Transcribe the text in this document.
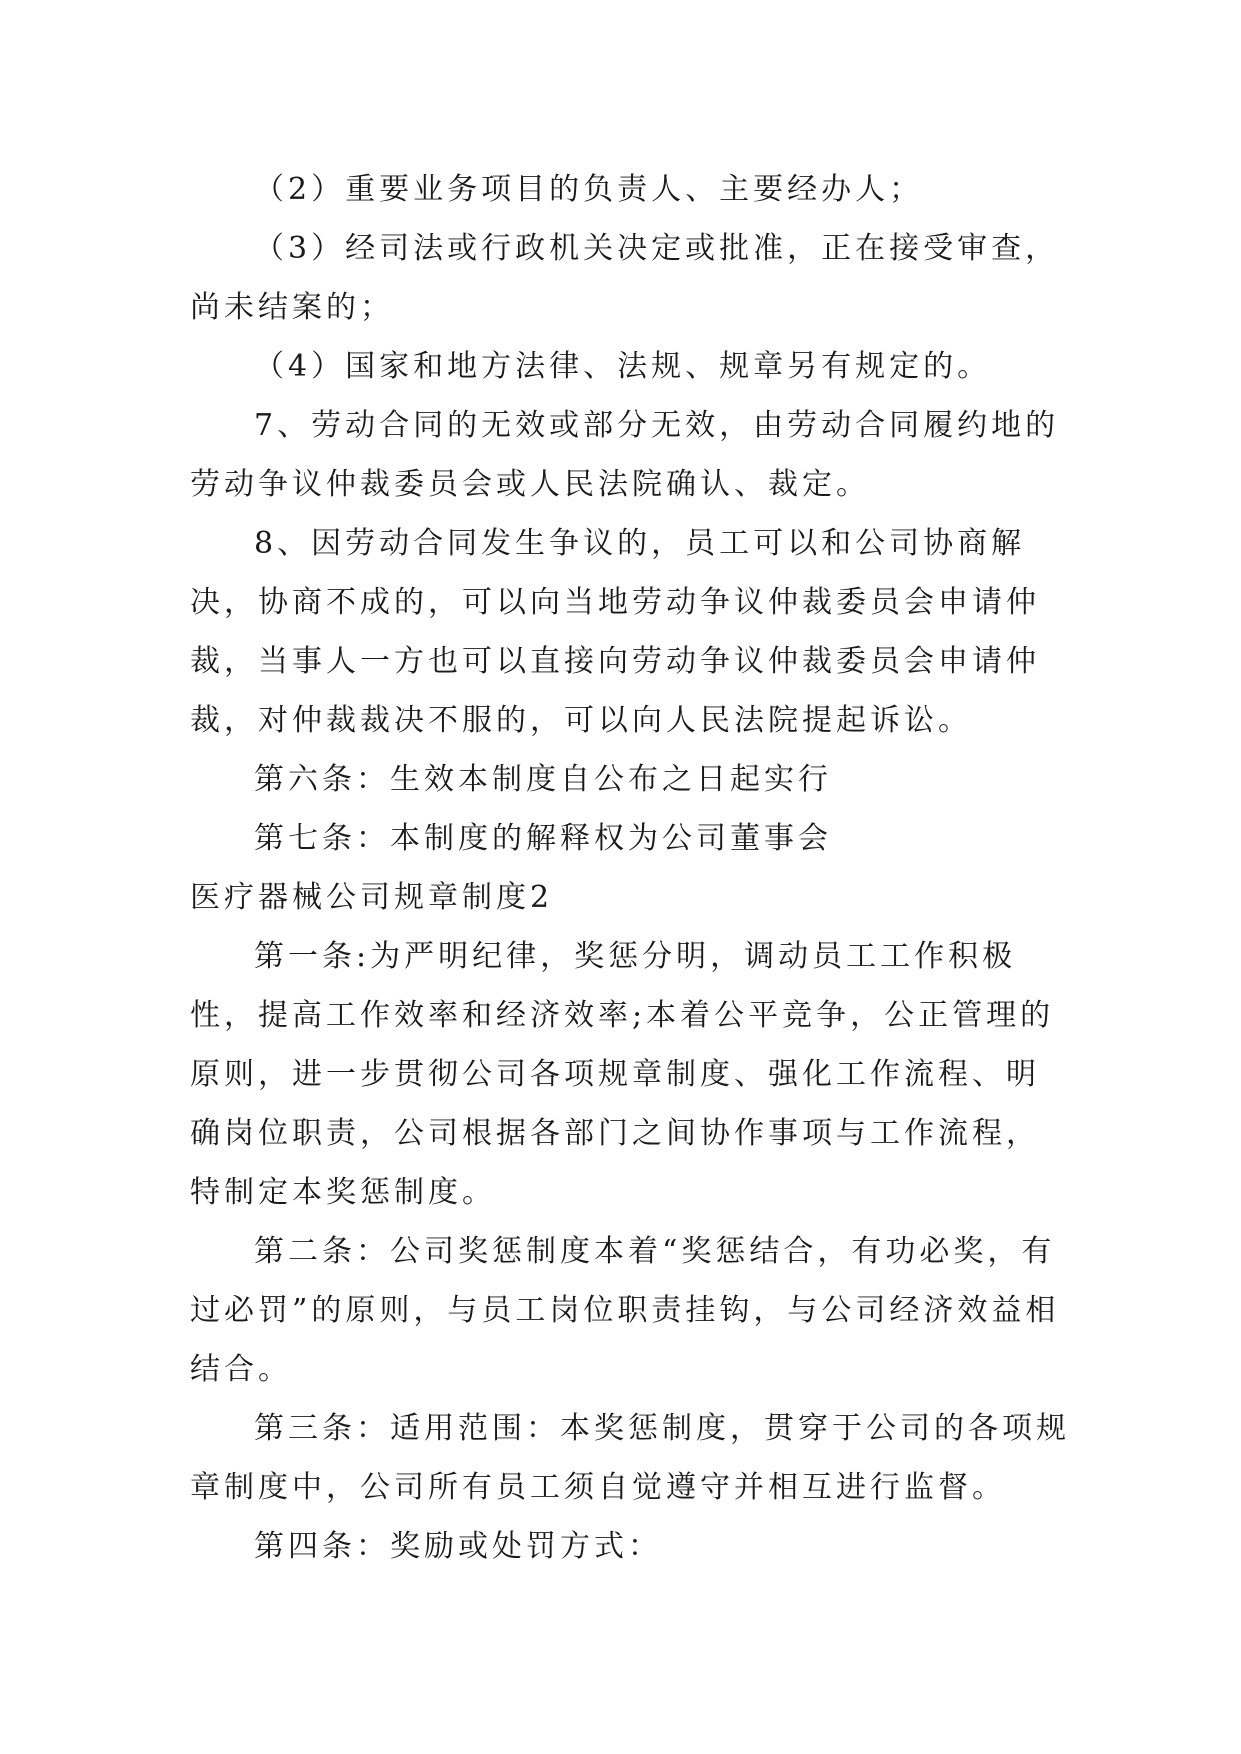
（2）重要业务项目的负责人、主要经办人；

（3）经司法或行政机关决定或批准，正在接受审查，尚未结案的；

（4）国家和地方法律、法规、规章另有规定的。

7、劳动合同的无效或部分无效，由劳动合同履约地的劳动争议仲裁委员会或人民法院确认、裁定。

8、因劳动合同发生争议的，员工可以和公司协商解决，协商不成的，可以向当地劳动争议仲裁委员会申请仲裁，当事人一方也可以直接向劳动争议仲裁委员会申请仲裁，对仲裁裁决不服的，可以向人民法院提起诉讼。

第六条：生效本制度自公布之日起实行

第七条：本制度的解释权为公司董事会

医疗器械公司规章制度2

第一条:为严明纪律，奖惩分明，调动员工工作积极性，提高工作效率和经济效率;本着公平竞争，公正管理的原则，进一步贯彻公司各项规章制度、强化工作流程、明确岗位职责，公司根据各部门之间协作事项与工作流程，特制定本奖惩制度。

第二条：公司奖惩制度本着“奖惩结合，有功必奖，有过必罚”的原则，与员工岗位职责挂钩，与公司经济效益相结合。

第三条：适用范围：本奖惩制度，贯穿于公司的各项规章制度中，公司所有员工须自觉遵守并相互进行监督。

第四条：奖励或处罚方式：
